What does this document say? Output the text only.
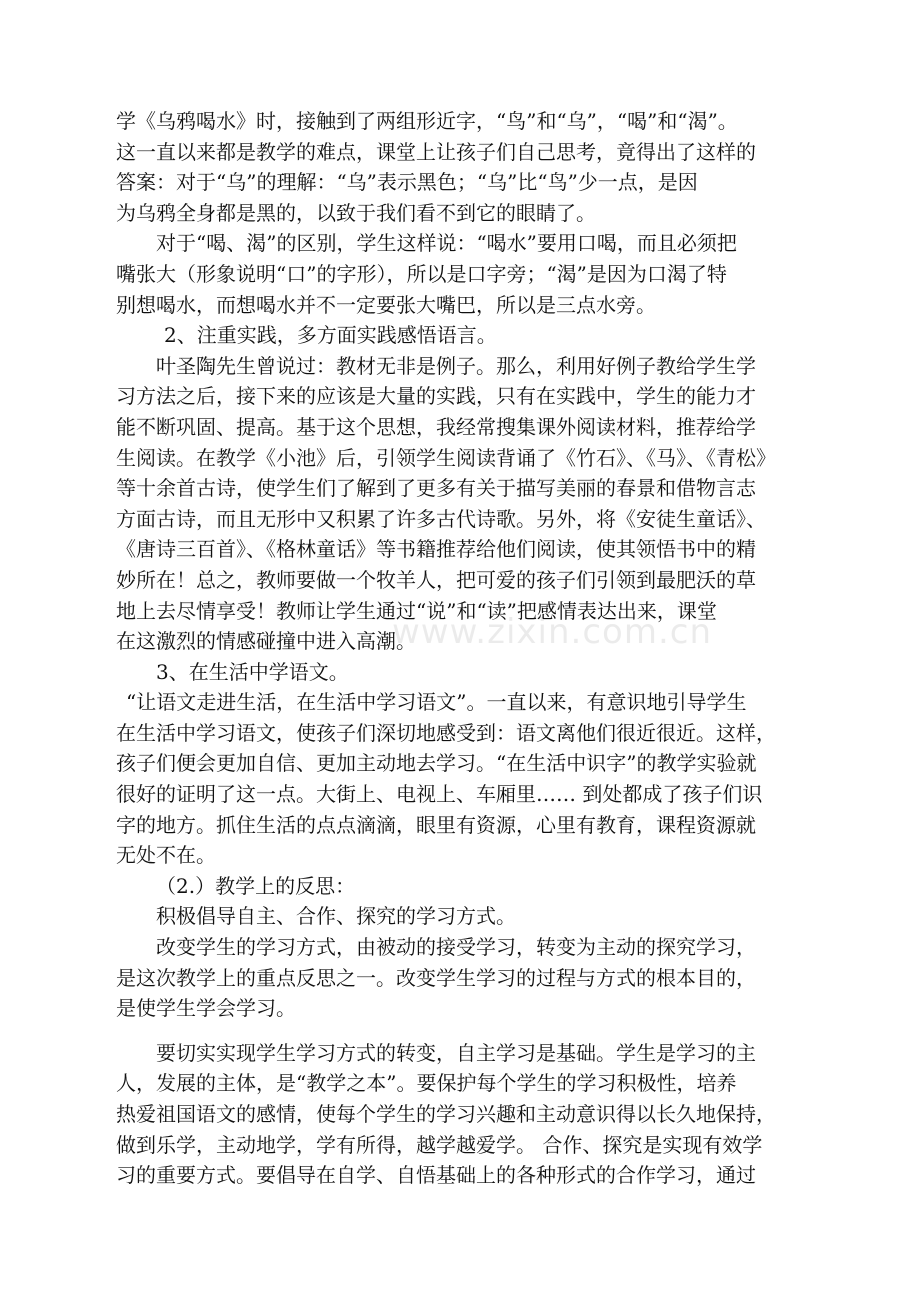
学《乌鸦喝水》时，接触到了两组形近字，“鸟”和“乌”，“喝”和“渴”。
这一直以来都是教学的难点，课堂上让孩子们自己思考，竟得出了这样的
答案：对于“乌”的理解：“乌”表示黑色；“乌”比“鸟”少一点，是因
为乌鸦全身都是黑的，以致于我们看不到它的眼睛了。
对于“喝、渴”的区别，学生这样说：“喝水”要用口喝，而且必须把
嘴张大（形象说明“口”的字形），所以是口字旁；“渴”是因为口渴了特
别想喝水，而想喝水并不一定要张大嘴巴，所以是三点水旁。
2、注重实践，多方面实践感悟语言。
叶圣陶先生曾说过：教材无非是例子。那么，利用好例子教给学生学
习方法之后，接下来的应该是大量的实践，只有在实践中，学生的能力才
能不断巩固、提高。基于这个思想，我经常搜集课外阅读材料，推荐给学
生阅读。在教学《小池》后，引领学生阅读背诵了《竹石》、《马》、《青松》
等十余首古诗，使学生们了解到了更多有关于描写美丽的春景和借物言志
方面古诗，而且无形中又积累了许多古代诗歌。另外，将《安徒生童话》、
《唐诗三百首》、《格林童话》等书籍推荐给他们阅读，使其领悟书中的精
妙所在！总之，教师要做一个牧羊人，把可爱的孩子们引领到最肥沃的草
地上去尽情享受！教师让学生通过“说”和“读”把感情表达出来，课堂
在这激烈的情感碰撞中进入高潮。
3、在生活中学语文。
“让语文走进生活，在生活中学习语文”。一直以来，有意识地引导学生
在生活中学习语文，使孩子们深切地感受到：语文离他们很近很近。这样，
孩子们便会更加自信、更加主动地去学习。“在生活中识字”的教学实验就
很好的证明了这一点。大街上、电视上、车厢里…… 到处都成了孩子们识
字的地方。抓住生活的点点滴滴，眼里有资源，心里有教育，课程资源就
无处不在。
（2.）教学上的反思：
积极倡导自主、合作、探究的学习方式。
改变学生的学习方式，由被动的接受学习，转变为主动的探究学习，
是这次教学上的重点反思之一。改变学生学习的过程与方式的根本目的，
是使学生学会学习。
要切实实现学生学习方式的转变，自主学习是基础。学生是学习的主
人，发展的主体，是“教学之本”。要保护每个学生的学习积极性，培养
热爱祖国语文的感情，使每个学生的学习兴趣和主动意识得以长久地保持，
做到乐学，主动地学，学有所得，越学越爱学。 合作、探究是实现有效学
习的重要方式。要倡导在自学、自悟基础上的各种形式的合作学习，通过
www.zixin.com.cn
